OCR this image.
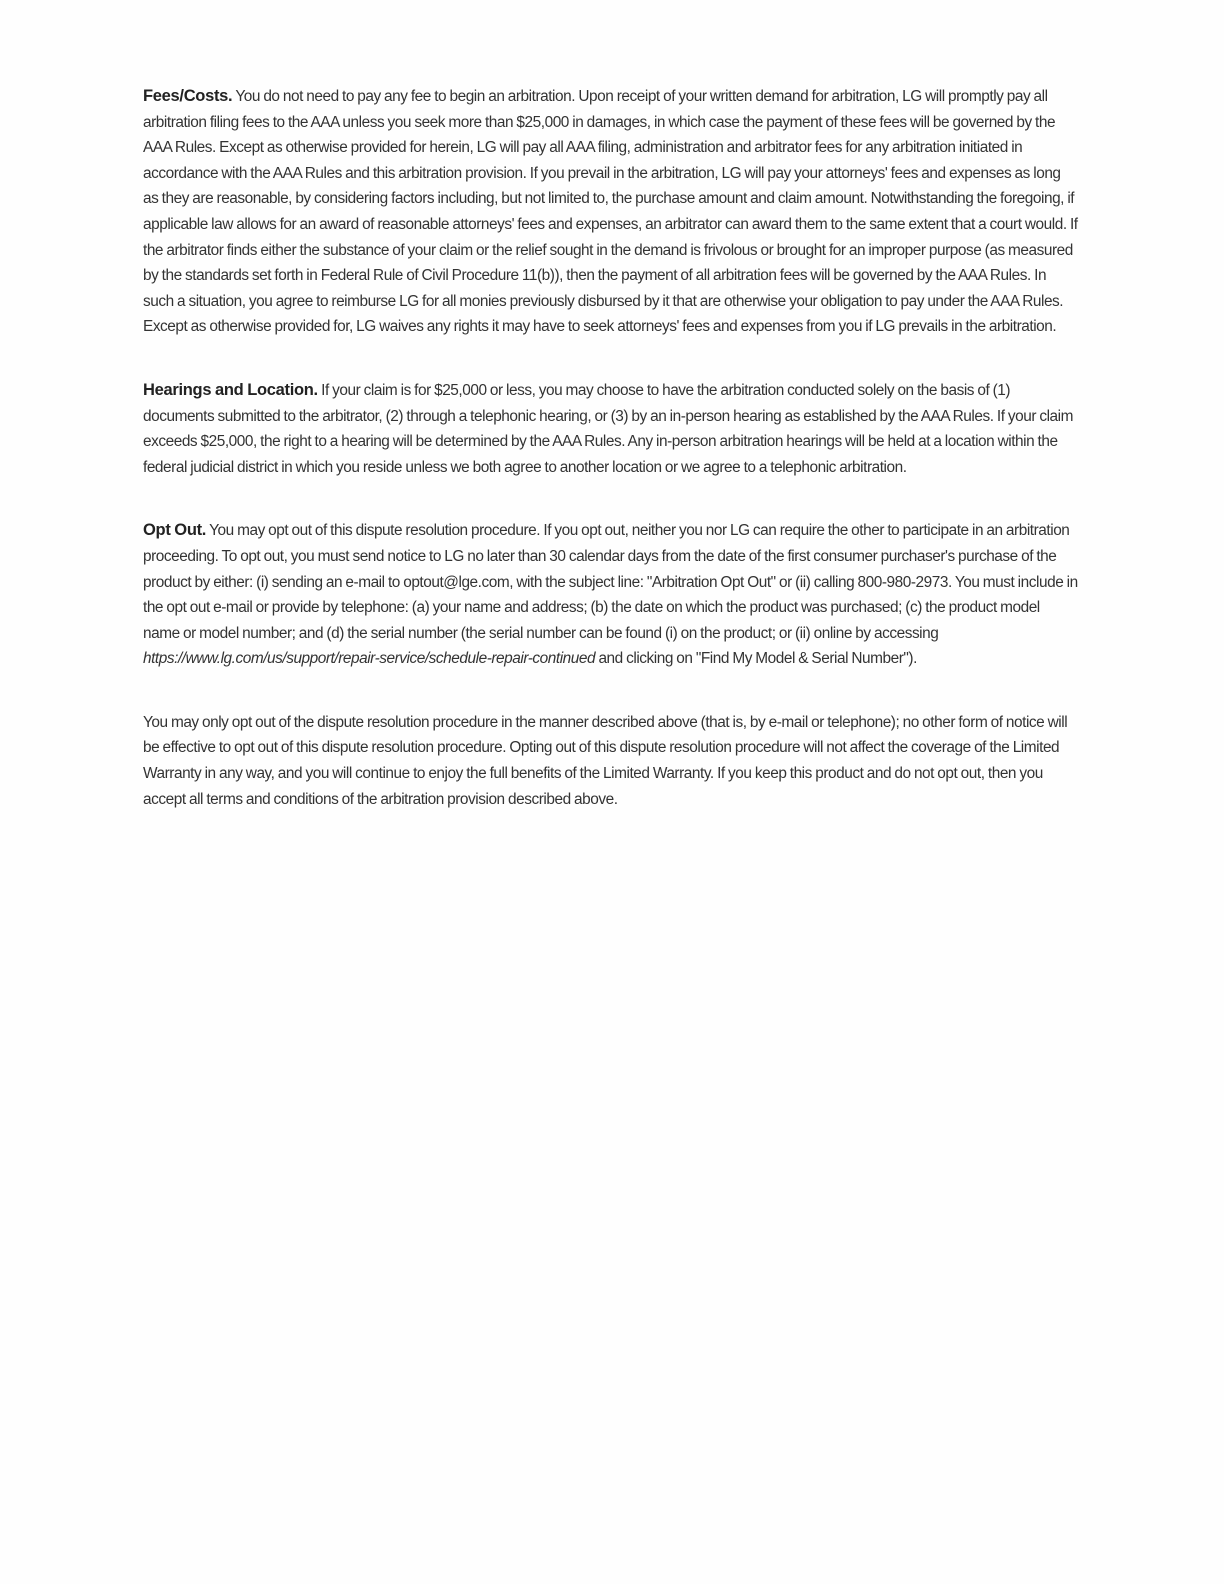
Fees/Costs. You do not need to pay any fee to begin an arbitration. Upon receipt of your written demand for arbitration, LG will promptly pay all arbitration filing fees to the AAA unless you seek more than $25,000 in damages, in which case the payment of these fees will be governed by the AAA Rules. Except as otherwise provided for herein, LG will pay all AAA filing, administration and arbitrator fees for any arbitration initiated in accordance with the AAA Rules and this arbitration provision. If you prevail in the arbitration, LG will pay your attorneys' fees and expenses as long as they are reasonable, by considering factors including, but not limited to, the purchase amount and claim amount. Notwithstanding the foregoing, if applicable law allows for an award of reasonable attorneys' fees and expenses, an arbitrator can award them to the same extent that a court would. If the arbitrator finds either the substance of your claim or the relief sought in the demand is frivolous or brought for an improper purpose (as measured by the standards set forth in Federal Rule of Civil Procedure 11(b)), then the payment of all arbitration fees will be governed by the AAA Rules. In such a situation, you agree to reimburse LG for all monies previously disbursed by it that are otherwise your obligation to pay under the AAA Rules. Except as otherwise provided for, LG waives any rights it may have to seek attorneys' fees and expenses from you if LG prevails in the arbitration.

Hearings and Location. If your claim is for $25,000 or less, you may choose to have the arbitration conducted solely on the basis of (1) documents submitted to the arbitrator, (2) through a telephonic hearing, or (3) by an in-person hearing as established by the AAA Rules. If your claim exceeds $25,000, the right to a hearing will be determined by the AAA Rules. Any in-person arbitration hearings will be held at a location within the federal judicial district in which you reside unless we both agree to another location or we agree to a telephonic arbitration.

Opt Out. You may opt out of this dispute resolution procedure. If you opt out, neither you nor LG can require the other to participate in an arbitration proceeding. To opt out, you must send notice to LG no later than 30 calendar days from the date of the first consumer purchaser's purchase of the product by either: (i) sending an e-mail to optout@lge.com, with the subject line: "Arbitration Opt Out" or (ii) calling 800-980-2973. You must include in the opt out e-mail or provide by telephone: (a) your name and address; (b) the date on which the product was purchased; (c) the product model name or model number; and (d) the serial number (the serial number can be found (i) on the product; or (ii) online by accessing https://www.lg.com/us/support/repair-service/schedule-repair-continued and clicking on "Find My Model & Serial Number").

You may only opt out of the dispute resolution procedure in the manner described above (that is, by e-mail or telephone); no other form of notice will be effective to opt out of this dispute resolution procedure. Opting out of this dispute resolution procedure will not affect the coverage of the Limited Warranty in any way, and you will continue to enjoy the full benefits of the Limited Warranty. If you keep this product and do not opt out, then you accept all terms and conditions of the arbitration provision described above.
